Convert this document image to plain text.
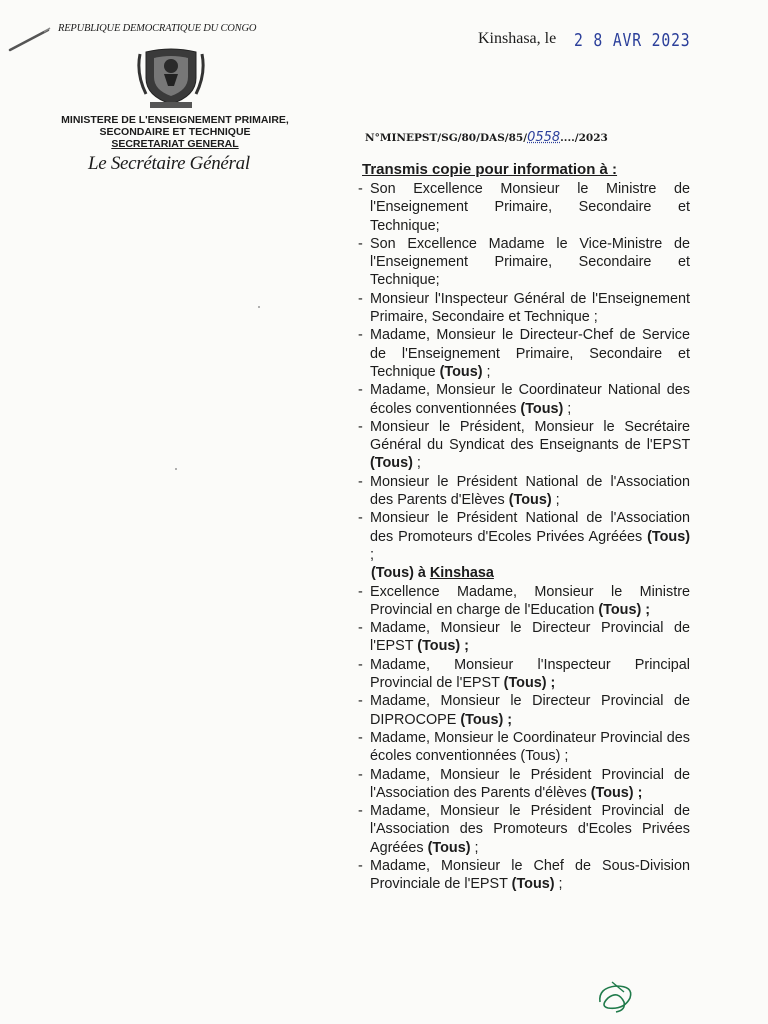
REPUBLIQUE DEMOCRATIQUE DU CONGO
MINISTERE DE L'ENSEIGNEMENT PRIMAIRE,
SECONDAIRE ET TECHNIQUE
SECRETARIAT GENERAL
Le Secrétaire Général
Kinshasa, le 2 8 AVR 2023
N°MINEPST/SG/80/DAS/85/0558..../2023
Transmis copie pour information à :
- Son Excellence Monsieur le Ministre de l'Enseignement Primaire, Secondaire et Technique;
- Son Excellence Madame le Vice-Ministre de l'Enseignement Primaire, Secondaire et Technique;
- Monsieur l'Inspecteur Général de l'Enseignement Primaire, Secondaire et Technique ;
- Madame, Monsieur le Directeur-Chef de Service de l'Enseignement Primaire, Secondaire et Technique (Tous) ;
- Madame, Monsieur le Coordinateur National des écoles conventionnées (Tous) ;
- Monsieur le Président, Monsieur le Secrétaire Général du Syndicat des Enseignants de l'EPST (Tous) ;
- Monsieur le Président National de l'Association des Parents d'Elèves (Tous) ;
- Monsieur le Président National de l'Association des Promoteurs d'Ecoles Privées Agréées (Tous) ;
(Tous) à Kinshasa
- Excellence Madame, Monsieur le Ministre Provincial en charge de l'Education (Tous) ;
- Madame, Monsieur le Directeur Provincial de l'EPST (Tous) ;
- Madame, Monsieur l'Inspecteur Principal Provincial de l'EPST (Tous) ;
- Madame, Monsieur le Directeur Provincial de DIPROCOPE (Tous) ;
- Madame, Monsieur le Coordinateur Provincial des écoles conventionnées (Tous) ;
- Madame, Monsieur le Président Provincial de l'Association des Parents d'élèves (Tous) ;
- Madame, Monsieur le Président Provincial de l'Association des Promoteurs d'Ecoles Privées Agréées (Tous) ;
- Madame, Monsieur le Chef de Sous-Division Provinciale de l'EPST (Tous) ;
